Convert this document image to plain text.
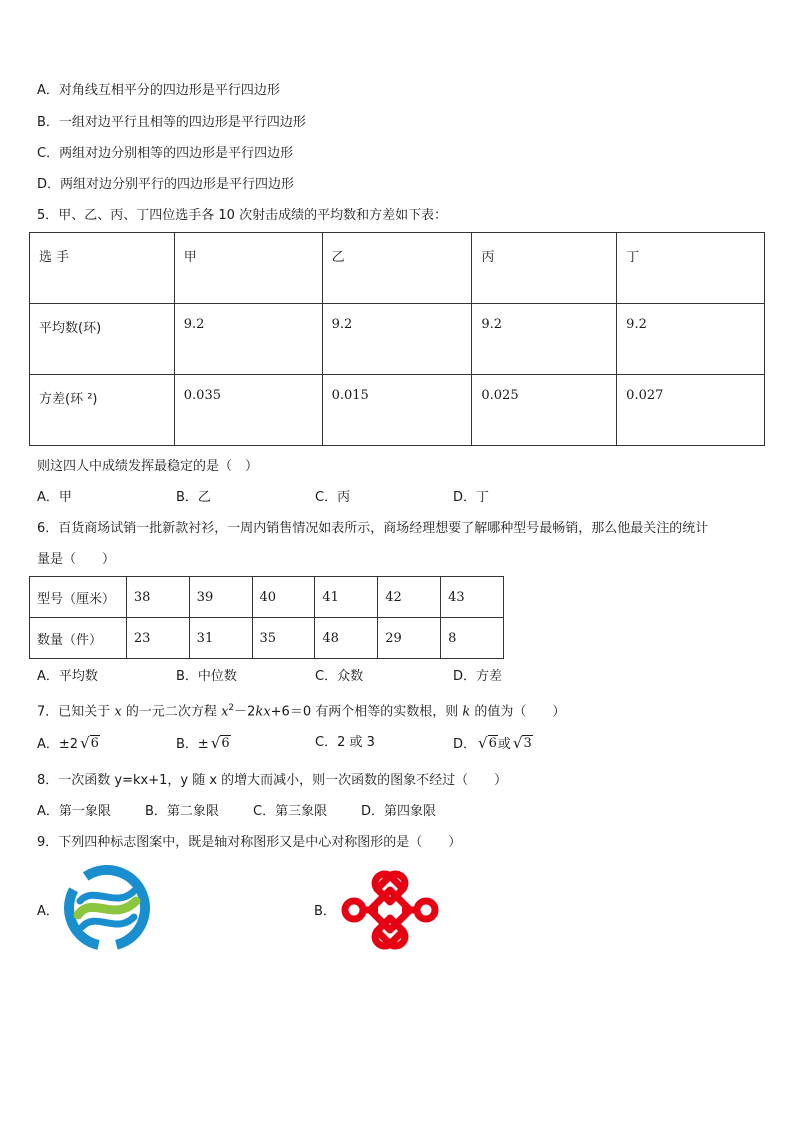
A．对角线互相平分的四边形是平行四边形
B．一组对边平行且相等的四边形是平行四边形
C．两组对边分别相等的四边形是平行四边形
D．两组对边分别平行的四边形是平行四边形
5．甲、乙、丙、丁四位选手各 10 次射击成绩的平均数和方差如下表：
选 手	甲	乙	丙	丁
平均数(环)	9.2	9.2	9.2	9.2
方差(环 ²)	0.035	0.015	0.025	0.027
则这四人中成绩发挥最稳定的是（　）
A．甲	B．乙	C．丙	D．丁
6．百货商场试销一批新款衬衫，一周内销售情况如表所示，商场经理想要了解哪种型号最畅销，那么他最关注的统计
量是（　　）
型号（厘米）	38	39	40	41	42	43
数量（件）	23	31	35	48	29	8
A．平均数	B．中位数	C．众数	D．方差
7．已知关于 x 的一元二次方程 $x^2-2kx+6=0$ 有两个相等的实数根，则 k 的值为（　　）
A．±2 √ 6	B．± √ 6	C．2 或 3	D． √ 6 或 √ 3
8．一次函数 y=kx+1，y 随 x 的增大而减小，则一次函数的图象不经过（　　）
A．第一象限	B．第二象限	C．第三象限	D．第四象限
9．下列四种标志图案中，既是轴对称图形又是中心对称图形的是（　　）
A．	B．
